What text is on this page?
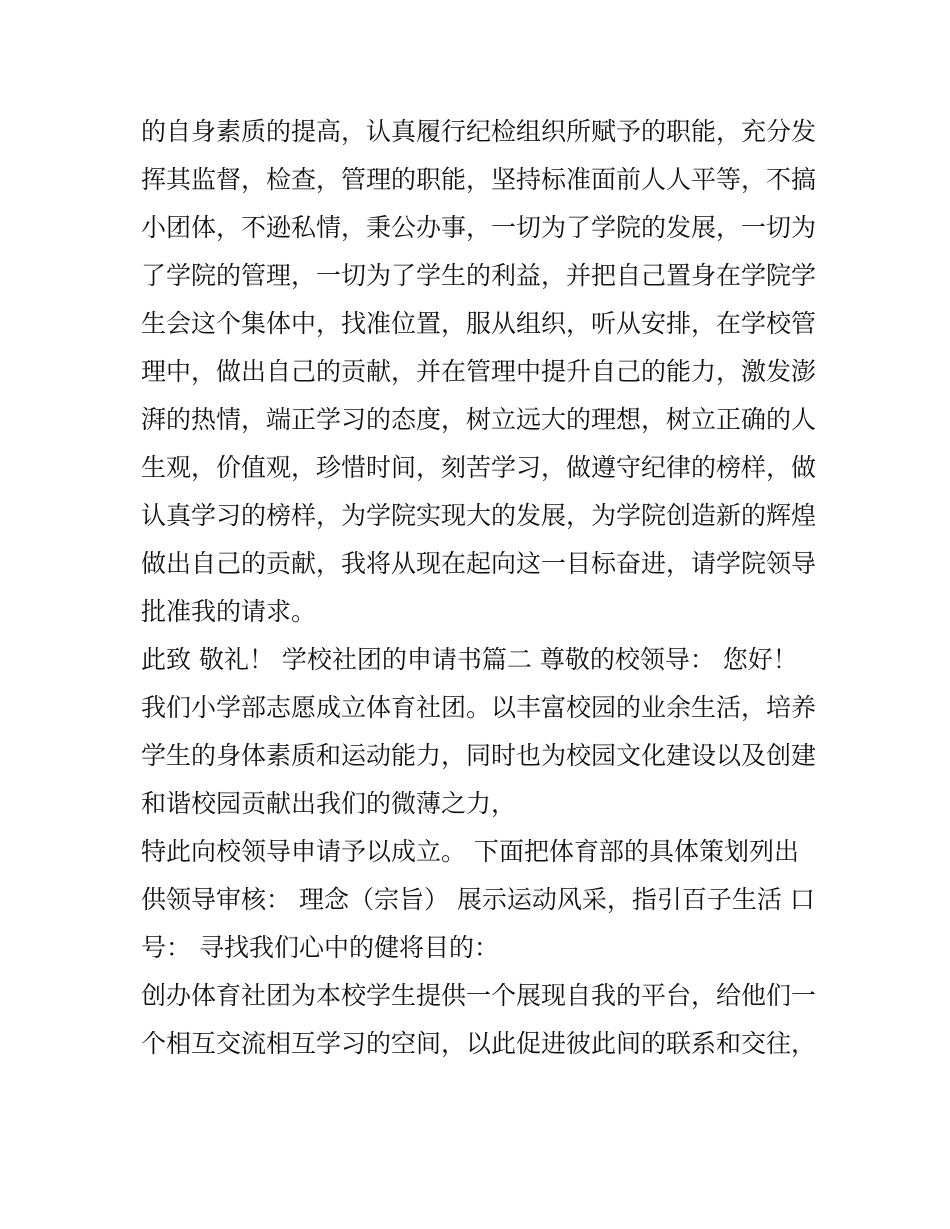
的自身素质的提高，认真履行纪检组织所赋予的职能，充分发
挥其监督，检查，管理的职能，坚持标准面前人人平等，不搞
小团体，不逊私情，秉公办事，一切为了学院的发展，一切为
了学院的管理，一切为了学生的利益，并把自己置身在学院学
生会这个集体中，找准位置，服从组织，听从安排，在学校管
理中，做出自己的贡献，并在管理中提升自己的能力，激发澎
湃的热情，端正学习的态度，树立远大的理想，树立正确的人
生观，价值观，珍惜时间，刻苦学习，做遵守纪律的榜样，做
认真学习的榜样，为学院实现大的发展，为学院创造新的辉煌
做出自己的贡献，我将从现在起向这一目标奋进，请学院领导
批准我的请求。
此致 敬礼！ 学校社团的申请书篇二 尊敬的校领导： 您好！
我们小学部志愿成立体育社团。以丰富校园的业余生活，培养
学生的身体素质和运动能力，同时也为校园文化建设以及创建
和谐校园贡献出我们的微薄之力，
特此向校领导申请予以成立。 下面把体育部的具体策划列出
供领导审核： 理念（宗旨） 展示运动风采，指引百子生活 口
号： 寻找我们心中的健将目的：
创办体育社团为本校学生提供一个展现自我的平台，给他们一
个相互交流相互学习的空间，以此促进彼此间的联系和交往，
